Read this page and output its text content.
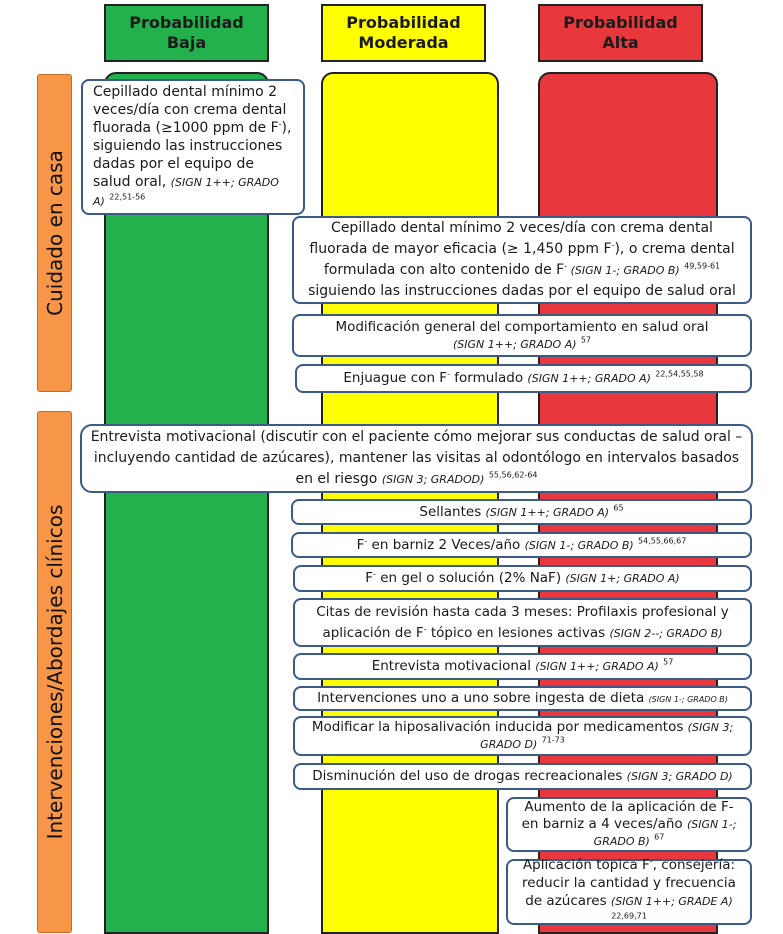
Probabilidad
Baja
Probabilidad
Moderada
Probabilidad
Alta
Cuidado en casa
Intervenciones/Abordajes clínicos
Cepillado dental mínimo 2 veces/día con crema dental fluorada (≥1000 ppm de F-), siguiendo las instrucciones dadas por el equipo de salud oral, (SIGN 1++; GRADO A) $^{22,51-56}$
Cepillado dental mínimo 2 veces/día con crema dental fluorada de mayor eficacia (≥ 1,450 ppm F-), o crema dental formulada con alto contenido de F- (SIGN 1-; GRADO B) $^{49,59-61}$ siguiendo las instrucciones dadas por el equipo de salud oral
Modificación general del comportamiento en salud oral
(SIGN 1++; GRADO A) $^{57}$
Enjuague con F- formulado (SIGN 1++; GRADO A) $^{22,54,55,58}$
Entrevista motivacional (discutir con el paciente cómo mejorar sus conductas de salud oral – incluyendo cantidad de azúcares), mantener las visitas al odontólogo en intervalos basados en el riesgo (SIGN 3; GRADOD) $^{55,56,62-64}$
Sellantes (SIGN 1++; GRADO A) $^{65}$
F- en barniz 2 Veces/año (SIGN 1-; GRADO B) $^{54,55,66,67}$
F- en gel o solución (2% NaF) (SIGN 1+; GRADO A)
Citas de revisión hasta cada 3 meses: Profilaxis profesional y aplicación de F- tópico en lesiones activas (SIGN 2--; GRADO B)
Entrevista motivacional (SIGN 1++; GRADO A) $^{57}$
Intervenciones uno a uno sobre ingesta de dieta (SIGN 1-; GRADO B)
Modificar la hiposalivación inducida por medicamentos (SIGN 3; GRADO D) $^{71-73}$
Disminución del uso de drogas recreacionales (SIGN 3; GRADO D)
Aumento de la aplicación de F- en barniz a 4 veces/año (SIGN 1-; GRADO B) $^{67}$
Aplicación topica F-, consejería: reducir la cantidad y frecuencia de azúcares (SIGN 1++; GRADE A) $^{22,69,71}$
